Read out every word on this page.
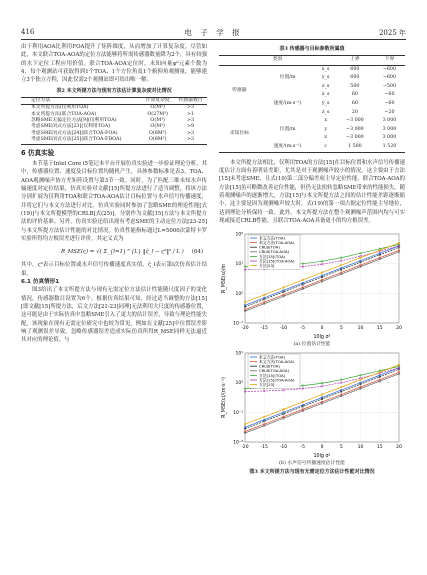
416	电 子 学 报	2025 年

由于利用AOA比利用FOA提升了矩阵维度，从而增加了计算复杂度。尽管如此，本文联合TOA-AOA的定位方法能够将所需传感器数量降为2个，具有较强的水下定位工程应用价值。联合TOA-AOA定位时，未知向量φ⁰元素个数为4，每个观测站可获取得到1个TOA、1个方位角及1个俯仰角观测量，能够建立3个独立方程，因此仅需2个观测站即可给出唯一解。

表2 本文所提方法与现有方法估计算复杂度对比情况
定位方法	计算复杂度	传感器数目
本文所提方法(仅利用TOA)	O(M³)	>3
本文所提方法(联合TOA-AOA)	O(27M³)	>1
忽略SME无偏定位方法[9](仅利用TOA)	O(M³)	>3
考虑SME闭式方法[23](仅利用TOA)	O(M³)	>9
考虑SME闭式方法[24](联合TOA-FOA)	O(8M³)	>3
考虑SME闭式方法[25](联合TOA-FDOA)	O(8M³)	>3
6 仿真实验

本节基于Intel Core i5笔记本平台开展仿真实验进一步验证理论分析。其中，传感器位置、速度及目标位置均随机产生，具体参数标准见表3，TOA、AOA观测噪声协方差矩阵设置与第3节一致。同时，为了匹配三维未知水声传输速度对定位结果，仿真实验对文献[15]所提方法进行了适当调整，将该方法分别扩展为仅利用TOA和联合TOA-AOA估计目标位置与水声信号传播速度，并将它们与本文方法进行对比。仿真实验同时参加了忽略SME的理论性能[式(19)]与本文所提模型的CRLB[式(25)]。分别作为文献[15]方法与本文所提方法的评价基准。另外，仿真实验还给出现有考虑SME的主动定位方法[23-25]与本文所提方法估计性能的对比情况。仿真性能指标通过L=5000次蒙特卡罗实验所得均方根误差进行评价，其定义式为

R_MSE(ς) = √( Σ_{l=1}^{L} ‖ς̂_l − ς⁰‖² / L ) (64)

其中，ς⁰表示目标位置或水声信号传播速度真实值，ς̂_l表示第l次仿真估计结果。

6.1 仿真情形1

图3给出了本文所提方法与现有无需定位方法估计性能随尺度因子的变化情况，传感器数目设置为6个。根据仿真结果可知，经过适当调整的方法[15][即文献[15]所提方法，后文方法[21-23]同理]无法利用大尺度的传感器位置，这可能是由于实际仿真中忽略SME引入了更大的估计误差，导致与理论性能失配。该现象在现有无需定位研究中也较为常见，例如在文献[25]中位置误差影响了观测误差导致，忽略传感器误差造成实际仿真所得R_MSE同样无法逼近其对应的理论值。与

表3 传感器与目标参数所属值
类别			上界	下界
传感器	位置/m	x_s	600	−600
		y_s	600	−600
		z_s	500	−500
	速度/(m·s⁻¹)	ẋ_s	60	−60
		ẏ_s	60	−60
		ż_s	20	−20
未知目标	位置/m	x	−3 000	3 000
		y	−3 000	3 000
		z	−3 000	3 000
	速度/(m·s⁻¹)	c	1 500	1 520

本文所提方法相比，仅利用TOA的方法[15]在目标位置和水声信号传播速度估计方面有着明显差距，尤其是对于观测噪声较小的情况，这主要由于方法[15]未考虑SME，且式(19)第二部分偏差项主导定位性能，联合TOA-AOA的方法[15]虽可略微改善定位性能，但仍无法扭转忽略SME带来的性能损失。随着观测噪声的逐渐增大，方法[15]与本文所提方法之间的估计性能差距逐渐缩小，这主要是因为观测噪声较大时，式(19)的第一项占据定位性能主导地位，达到理论分析保持一致。此外，本文所提方法在整个观测噪声范围内均与可实现或接近CRLB性能，且联合TOA-AOA具备更小的均方根误差。

10⁻¹
10⁰
10¹
10²
-20	-15	-10	-5	0	5	10	15	20
10lg σ²
R_MSE(u)/m
本文方法(TOA)
本文方法(TOA-AOA)
CRLB(TOA)
CRLB(TOA-AOA)
方法[15](TOA)
方法[15](TOA-AOA)
方法[23]
(a) 位置估计性能
10⁻²
10⁻¹
10⁰
10¹
-20	-15	-10	-5	0	5	10	15	20
10lg σ²
R_MSE(c)/(m·s⁻¹)
本文方法(TOA)
本文方法(TOA-AOA)
CRLB(TOA)
CRLB(TOA-AOA)
方法[15](TOA)
方法[15](TOA-AOA)
方法[23]
(b) 水声信号传播速度估计性能
图3 本文所提方法与现有无需定位方法估计性能对比情况
